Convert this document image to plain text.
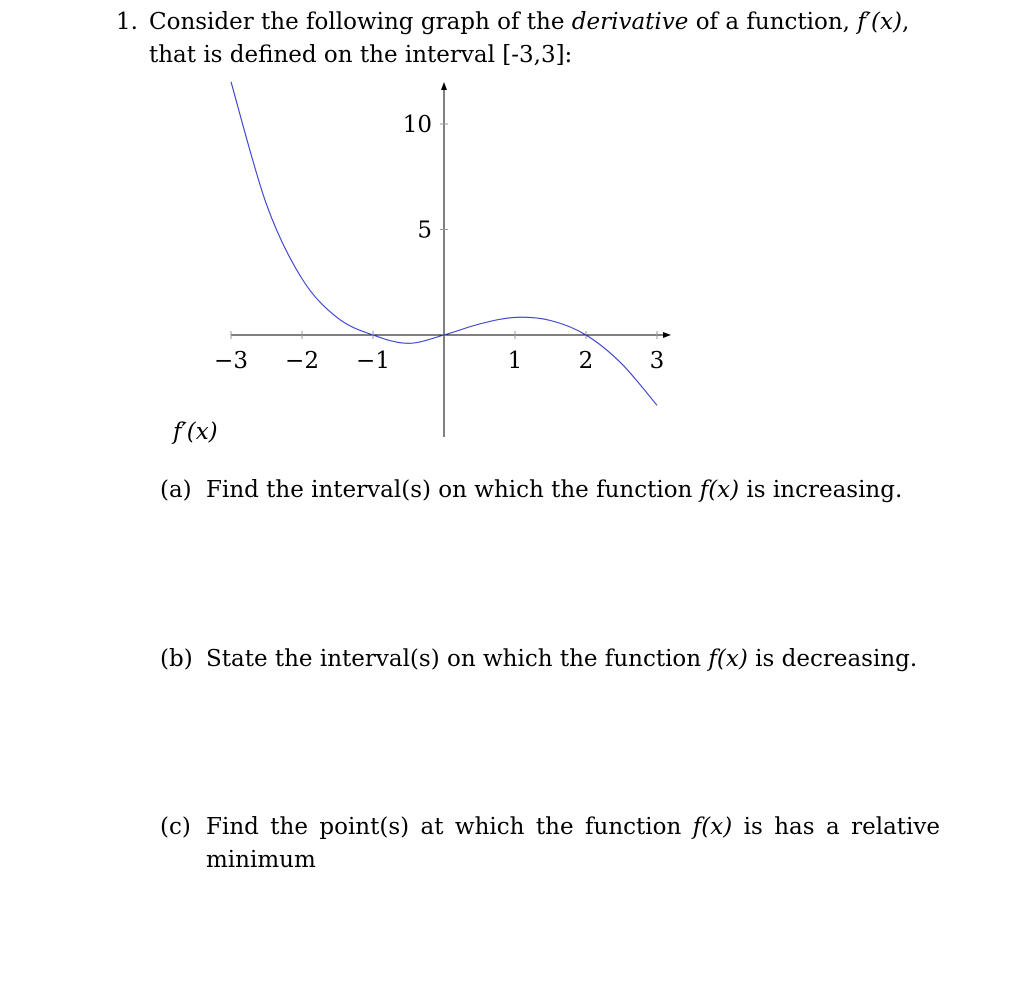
1. Consider the following graph of the derivative of a function, f′(x), that is defined on the interval [-3,3]:
−3 −2 −1	1 2 3
5
10
f′(x)
(a) Find the interval(s) on which the function f(x) is increasing.
(b) State the interval(s) on which the function f(x) is decreasing.
(c) Find the point(s) at which the function f(x) is has a relative minimum
